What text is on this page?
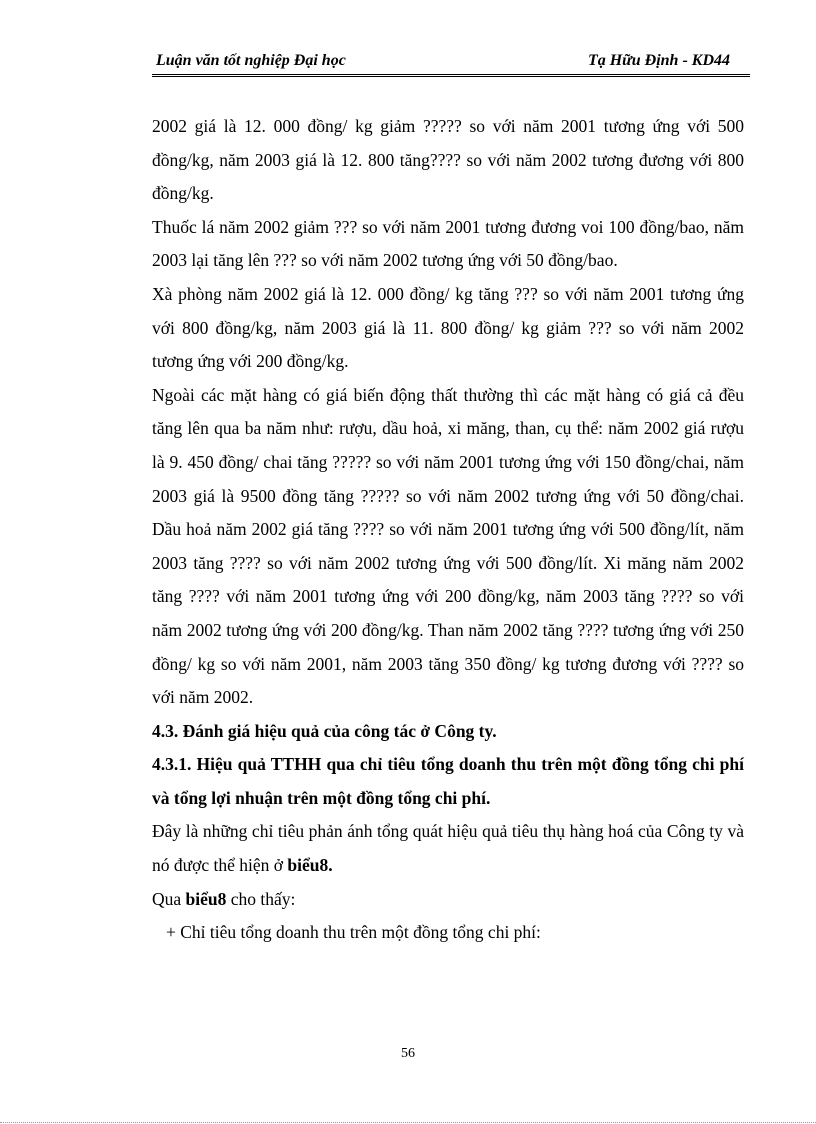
Luận văn tốt nghiệp Đại học	Tạ Hữu Định - KD44

2002 giá là 12. 000 đồng/ kg giảm ????? so với năm 2001 tương ứng với 500 đồng/kg, năm 2003 giá là 12. 800 tăng???? so với năm 2002 tương đương với 800 đồng/kg.

Thuốc lá năm 2002 giảm ??? so với năm 2001 tương đương voi 100 đồng/bao, năm 2003 lại tăng lên ??? so với năm 2002 tương ứng với 50 đồng/bao.

Xà phòng năm 2002 giá là 12. 000 đồng/ kg tăng ??? so với năm 2001 tương ứng với 800 đồng/kg, năm 2003 giá là 11. 800 đồng/ kg giảm ??? so với năm 2002 tương ứng với 200 đồng/kg.

Ngoài các mặt hàng có giá biến động thất thường thì các mặt hàng có giá cả đều tăng lên qua ba năm như: rượu, dầu hoả, xi măng, than, cụ thể: năm 2002 giá rượu là 9. 450 đồng/ chai tăng ????? so với năm 2001 tương ứng với 150 đồng/chai, năm 2003 giá là 9500 đồng tăng ????? so với năm 2002 tương ứng với 50 đồng/chai. Dầu hoả năm 2002 giá tăng ???? so với năm 2001 tương ứng với 500 đồng/lít, năm 2003 tăng ???? so với năm 2002 tương ứng với 500 đồng/lít. Xi măng năm 2002 tăng ???? với năm 2001 tương ứng với 200 đồng/kg, năm 2003 tăng ???? so với năm 2002 tương ứng với 200 đồng/kg. Than năm 2002 tăng ???? tương ứng với 250 đồng/ kg so với năm 2001, năm 2003 tăng 350 đồng/ kg tương đương với ???? so với năm 2002.

4.3. Đánh giá hiệu quả của công tác ở Công ty.

4.3.1. Hiệu quả TTHH qua chỉ tiêu tổng doanh thu trên một đồng tổng chi phí và tổng lợi nhuận trên một đồng tổng chi phí.

Đây là những chỉ tiêu phản ánh tổng quát hiệu quả tiêu thụ hàng hoá của Công ty và nó được thể hiện ở biểu8.

Qua biểu8 cho thấy:

+ Chỉ tiêu tổng doanh thu trên một đồng tổng chi phí:

56
